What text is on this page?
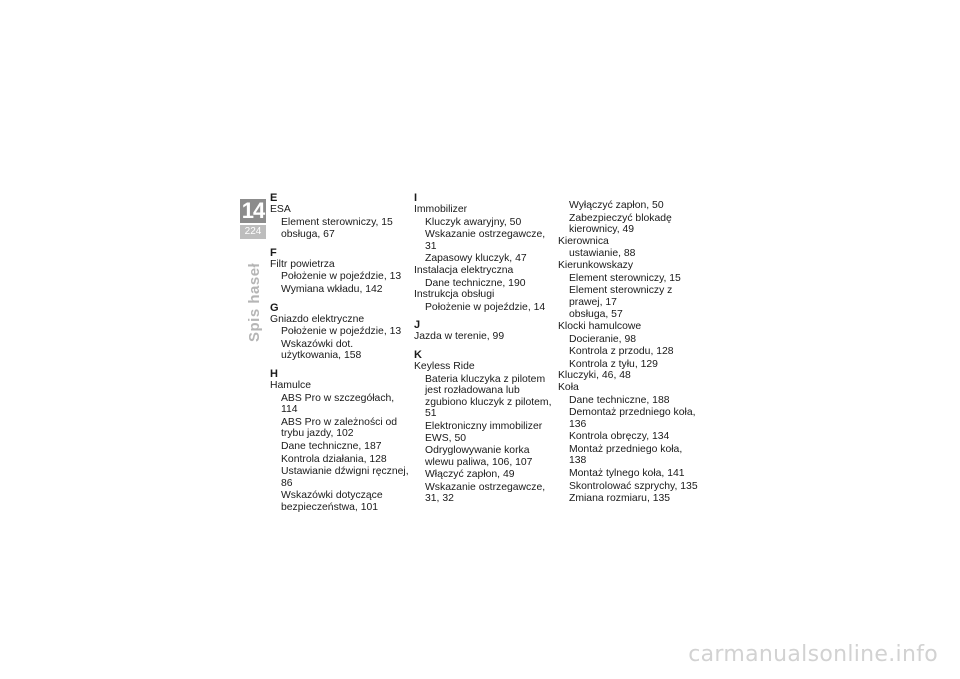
14
224
Spis haseł
E
ESA
Element sterowniczy, 15
obsługa, 67
F
Filtr powietrza
Położenie w pojeździe, 13
Wymiana wkładu, 142
G
Gniazdo elektryczne
Położenie w pojeździe, 13
Wskazówki dot. użytkowania, 158
H
Hamulce
ABS Pro w szczegółach, 114
ABS Pro w zależności od trybu jazdy, 102
Dane techniczne, 187
Kontrola działania, 128
Ustawianie dźwigni ręcznej, 86
Wskazówki dotyczące bezpieczeństwa, 101
I
Immobilizer
Kluczyk awaryjny, 50
Wskazanie ostrzegawcze, 31
Zapasowy kluczyk, 47
Instalacja elektryczna
Dane techniczne, 190
Instrukcja obsługi
Położenie w pojeździe, 14
J
Jazda w terenie, 99
K
Keyless Ride
Bateria kluczyka z pilotem jest rozładowana lub zgubiono kluczyk z pilotem, 51
Elektroniczny immobilizer EWS, 50
Odryglowywanie korka wlewu paliwa, 106, 107
Włączyć zapłon, 49
Wskazanie ostrzegawcze, 31, 32
Wyłączyć zapłon, 50
Zabezpieczyć blokadę kierownicy, 49
Kierownica
ustawianie, 88
Kierunkowskazy
Element sterowniczy, 15
Element sterowniczy z prawej, 17
obsługa, 57
Klocki hamulcowe
Docieranie, 98
Kontrola z przodu, 128
Kontrola z tyłu, 129
Kluczyki, 46, 48
Koła
Dane techniczne, 188
Demontaż przedniego koła, 136
Kontrola obręczy, 134
Montaż przedniego koła, 138
Montaż tylnego koła, 141
Skontrolować szprychy, 135
Zmiana rozmiaru, 135
carmanualsonline.info
